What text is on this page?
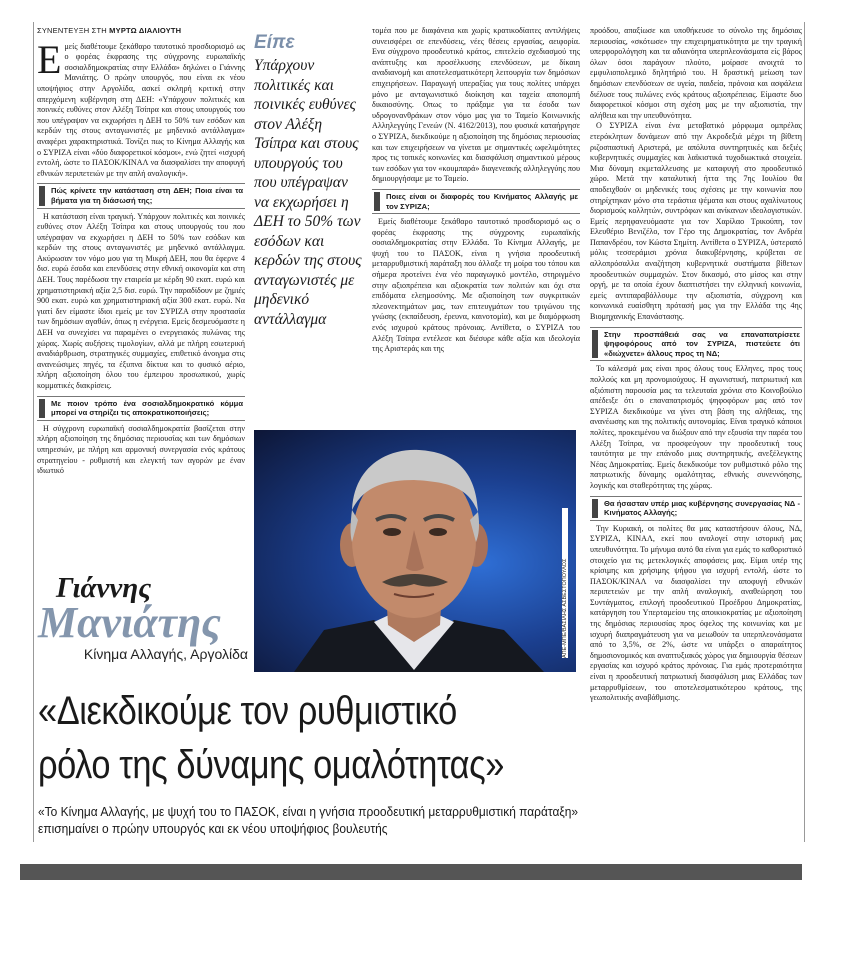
ΣΥΝΕΝΤΕΥΞΗ ΣΤΗ ΜΥΡΤΩ ΔΙΑΛΙΟΥΤΗ

Ε μείς διαθέτουμε ξεκάθαρο ταυτοτικό προσδιορισμό ως ο φορέας έκφρασης της σύγχρονης ευρωπαϊκής σοσιαλδημοκρατίας στην Ελλάδα» δηλώνει ο Γιάννης Μανιάτης. Ο πρώην υπουργός, που είναι εκ νέου υποψήφιος στην Αργολίδα, ασκεί σκληρή κριτική στην απερχόμενη κυβέρνηση στη ΔΕΗ: «Υπάρχουν πολιτικές και ποινικές ευθύνες στον Αλέξη Τσίπρα και στους υπουργούς του που υπέγραψαν να εκχωρήσει η ΔΕΗ το 50% των εσόδων και κερδών της στους ανταγωνιστές με μηδενικό αντάλλαγμα» αναφέρει χαρακτηριστικά. Τονίζει πως το Κίνημα Αλλαγής και ο ΣΥΡΙΖΑ είναι «δύο διαφορετικοί κόσμοι», ενώ ζητεί «ισχυρή εντολή, ώστε το ΠΑΣΟΚ/ΚΙΝΑΛ να διασφαλίσει την αποφυγή εθνικών περιπετειών με την απλή αναλογική».

Πώς κρίνετε την κατάσταση στη ΔΕΗ; Ποια είναι τα βήματα για τη διάσωσή της;

Η κατάσταση είναι τραγική. Υπάρχουν πολιτικές και ποινικές ευθύνες στον Αλέξη Τσίπρα και στους υπουργούς του που υπέγραψαν να εκχωρήσει η ΔΕΗ το 50% των εσόδων και κερδών της στους ανταγωνιστές με μηδενικό αντάλλαγμα. Ακύρωσαν τον νόμο μου για τη Μικρή ΔΕΗ, που θα έφερνε 4 δισ. ευρώ έσοδα και επενδύσεις στην εθνική οικονομία και στη ΔΕΗ. Τους παρέδωσα την εταιρεία με κέρδη 90 εκατ. ευρώ και χρηματιστηριακή αξία 2,5 δισ. ευρώ. Την παραδίδουν με ζημιές 900 εκατ. ευρώ και χρηματιστηριακή αξία 300 εκατ. ευρώ. Να γιατί δεν είμαστε ίδιοι εμείς με τον ΣΥΡΙΖΑ στην προστασία των δημόσιων αγαθών, όπως η ενέργεια. Εμείς δεσμευόμαστε η ΔΕΗ να συνεχίσει να παραμένει ο ενεργειακός πυλώνας της χώρας. Χωρίς αυξήσεις τιμολογίων, αλλά με πλήρη εσωτερική αναδιάρθρωση, στρατηγικές συμμαχίες, επιθετικό άνοιγμα στις ανανεώσιμες πηγές, τα έξυπνα δίκτυα και το φυσικό αέριο, πλήρη αξιοποίηση όλου του έμπειρου προσωπικού, χωρίς κομματικές διακρίσεις.

Με ποιον τρόπο ένα σοσιαλδημοκρατικό κόμμα μπορεί να στηρίζει τις αποκρατικοποιήσεις;

Η σύγχρονη ευρωπαϊκή σοσιαλδημοκρατία βασίζεται στην πλήρη αξιοποίηση της δημόσιας περιουσίας και των δημόσιων υπηρεσιών, με πλήρη και αρμονική συνεργασία ενός κράτους στρατηγείου - ρυθμιστή και ελεγκτή των αγορών με έναν ιδιωτικό

Είπε
Υπάρχουν πολιτικές και ποινικές ευθύνες στον Αλέξη Τσίπρα και στους υπουργούς του που υπέγραψαν να εκχωρήσει η ΔΕΗ το 50% των εσόδων και κερδών της στους ανταγωνιστές με μηδενικό αντάλλαγμα

τομέα που με διαφάνεια και χωρίς κρατικοδίαιτες αντιλήψεις συνεισφέρει σε επενδύσεις, νέες θέσεις εργασίας, αειφορία. Ενα σύγχρονο προοδευτικό κράτος, επιτελείο σχεδιασμού της ανάπτυξης και προσέλκυσης επενδύσεων, με δίκαιη αναδιανομή και αποτελεσματικότερη λειτουργία των δημόσιων επιχειρήσεων. Παραγωγή υπεραξίας για τους πολίτες υπάρχει μόνο με ανταγωνιστικό διοίκηση και ταχεία αποπομπή δικαιοσύνης. Οπως το πράξαμε για τα έσοδα των υδρογονανθράκων στον νόμο μας για το Ταμείο Κοινωνικής Αλληλεγγύης Γενεών (Ν. 4162/2013), που φυσικά καταήργησε ο ΣΥΡΙΖΑ, διεκδικούμε η αξιοποίηση της δημόσιας περιουσίας και των επιχειρήσεων να γίνεται με σημαντικές ωφελιμότητες προς τις τοπικές κοινωνίες και διασφάλιση σημαντικού μέρους των εσόδων για τον «κουμπαρά» διαγενεακής αλληλεγγύης που δημιουργήσαμε με το Ταμείο.

Ποιες είναι οι διαφορές του Κινήματος Αλλαγής με τον ΣΥΡΙΖΑ;

Εμείς διαθέτουμε ξεκάθαρο ταυτοτικό προσδιορισμό ως ο φορέας έκφρασης της σύγχρονης ευρωπαϊκής σοσιαλδημοκρατίας στην Ελλάδα. Το Κίνημα Αλλαγής, με ψυχή του το ΠΑΣΟΚ, είναι η γνήσια προοδευτική μεταρρυθμιστική παράταξη που άλλαξε τη μοίρα του τόπου και σήμερα προτείνει ένα νέο παραγωγικό μοντέλο, στηριγμένο στην αξιοπρέπεια και αξιοκρατία των πολιτών και όχι στα επιδόματα ελεημοσύνης. Με αξιοποίηση των συγκριτικών πλεονεκτημάτων μας, των επιτευγμάτων του τριγώνου της γνώσης (εκπαίδευση, έρευνα, καινοτομία), και με διαμόρφωση ενός ισχυρού κράτους πρόνοιας. Αντίθετα, ο ΣΥΡΙΖΑ του Αλέξη Τσίπρα εντέλεσε και διέσυρε κάθε αξία και ιδεολογία της Αριστεράς και της

προόδου, απαξίωσε και υποθήκευσε το σύνολο της δημόσιας περιουσίας, «σκότωσε» την επιχειρηματικότητα με την τραγική υπερφορολόγηση και τα αδιανόητα υπερπλεονάσματα είς βάρος όλων όσοι παράγουν πλούτο, μοίρασε ανοιχτά το εμφυλιοπολεμικό δηλητήριό του. Η δραστική μείωση των δημόσιων επενδύσεων σε υγεία, παιδεία, πρόνοια και ασφάλεια διέλυσε τους πυλώνες ενός κράτους αξιοπρέπειας. Είμαστε δυο διαφορετικοί κόσμοι στη σχέση μας με την αξιοπιστία, την αλήθεια και την υπευθυνότητα.

Ο ΣΥΡΙΖΑ είναι ένα μεταβατικό μόρφωμα ομπρέλας ετερόκλητων δυνάμεων από την Ακροδεξιά μέχρι τη βίθετη ριζοσπαστική Αριστερά, με απόλυτα συντηρητικές και δεξιές κυβερνητικές συμμαχίες και λαϊκιστικά τυχοδιωκτικά στοιχεία. Μια δύναμη εκμεταλλευσης με καταφυγή στο προοδευτικό χώρο. Μετά την καταλυτική ήττα της 7ης Ιουλίου θα αποδειχθούν οι μηδενικές τους σχέσεις με την κοινωνία που στηρίχτηκαν μόνο στα τεράστια ψέματα και στους αχαλίνωτους διορισμούς κολλητών, συντρόφων και ανίκανων ιδεολογιστικών. Εμείς περηφανευόμαστε για τον Χαρίλαο Τρικούπη, τον Ελευθέριο Βενιζέλο, τον Γέρο της Δημοκρατίας, τον Ανδρέα Παπανδρέου, τον Κώστα Σημίτη. Αντίθετα ο ΣΥΡΙΖΑ, ύστεραπό μόλις τεσσεράμισι χρόνια διακυβέρνησης, κρύβεται σε αλλοπρόσαλλα αναζήτηση κυβερνητικά συστήματα βίθετων προοδευτικών συμμαχιών. Στον δικασμό, στο μίσος και στην οργή, με τα οποία έχουν διαπτιστήσει την ελληνική κοινωνία, εμείς αντιπαραβάλλουμε την αξιοπιστία, σύγχρονη και κοινωνικά ευαίσθητη πρότασή μας για την Ελλάδα της 4ης Βιομηχανικής Επανάστασης.

Στην προσπάθειά σας να επαναπατρίσετε ψηφοφόρους από τον ΣΥΡΙΖΑ, πιστεύετε ότι «διώχνετε» άλλους προς τη ΝΔ;

Το κάλεσμά μας είναι προς όλους τους Ελληνες, προς τους πολλούς και μη προνομιούχους. Η αγωνιστική, πατριωτική και αξιόπιστη παρουσία μας τα τελευταία χρόνια στο Κοινοβούλιο απέδειξε ότι ο επαναπατρισμός ψηφοφόρων μας από τον ΣΥΡΙΖΑ διεκδικούμε να γίνει στη βάση της αλήθειας, της ανανέωσης και της πολιτικής αυτονομίας. Είναι τραγικό κάποιοι πολίτες, προκειμένου να διώξουν από την εξουσία την παρέα του Αλέξη Τσίπρα, να προσφεύγουν την προοδευτική τους ταυτότητα με την επάνοδο μιας συντηρητικής, ανεξέλεγκτης Νέας Δημοκρατίας. Εμείς διεκδικούμε τον ρυθμιστικό ρόλο της πατριωτικής δύναμης ομαλότητας, εθνικής συνεννόησης, λογικής και σταθερότητας της χώρας.

Θα ήσασταν υπέρ μιας κυβέρνησης συνεργασίας ΝΔ - Κινήματος Αλλαγής;

Την Κυριακή, οι πολίτες θα μας καταστήσουν όλους, ΝΔ, ΣΥΡΙΖΑ, ΚΙΝΑΛ, εκεί που αναλογεί στην ιστορική μας υπευθυνότητα. Το μήνυμα αυτό θα είναι για εμάς το καθοριστικό στοιχείο για τις μετεκλογικές αποφάσεις μας. Είμαι υπέρ της κρίσιμης και χρήσιμης ψήφου για ισχυρή εντολή, ώστε το ΠΑΣΟΚ/ΚΙΝΑΛ να διασφαλίσει την αποφυγή εθνικών περιπετειών με την απλή αναλογική, αναθεώρηση του Συντάγματος, επιλογή προοδευτικού Προέδρου Δημοκρατίας, κατάργηση του Υπερταμείου της αποικιοκρατίας με αξιοποίηση της δημόσιας περιουσίας προς όφελος της κοινωνίας και με ισχυρή διαπραγμάτευση για να μειωθούν τα υπερπλεονάσματα από το 3,5%, σε 2%, ώστε να υπάρξει ο απαραίτητος δημοσιονομικός και αναπτυξιακός χώρος για δημιουργία θέσεων εργασίας και ισχυρό κράτος πρόνοιας. Για εμάς προτεραιότητα είναι η προοδευτική πατριωτική διασφάλιση μιας Ελλάδας των μεταρρυθμίσεων, του αποτελεσματικότερου κράτους, της γεωπολιτικής αναβάθμισης.

ΑΠΕ-ΜΠΕ/ΒΑΣΙΛΗΣ ΑΣΒΕΣΤΟΠΟΥΛΟΣ
Γιάννης
Μανιάτης
Κίνημα Αλλαγής, Αργολίδα
«Διεκδικούμε τον ρυθμιστικό
ρόλο της δύναμης ομαλότητας»
«Το Κίνημα Αλλαγής, με ψυχή του το ΠΑΣΟΚ, είναι η γνήσια προοδευτική μεταρρυθμιστική παράταξη» επισημαίνει ο πρώην υπουργός και εκ νέου υποψήφιος βουλευτής
